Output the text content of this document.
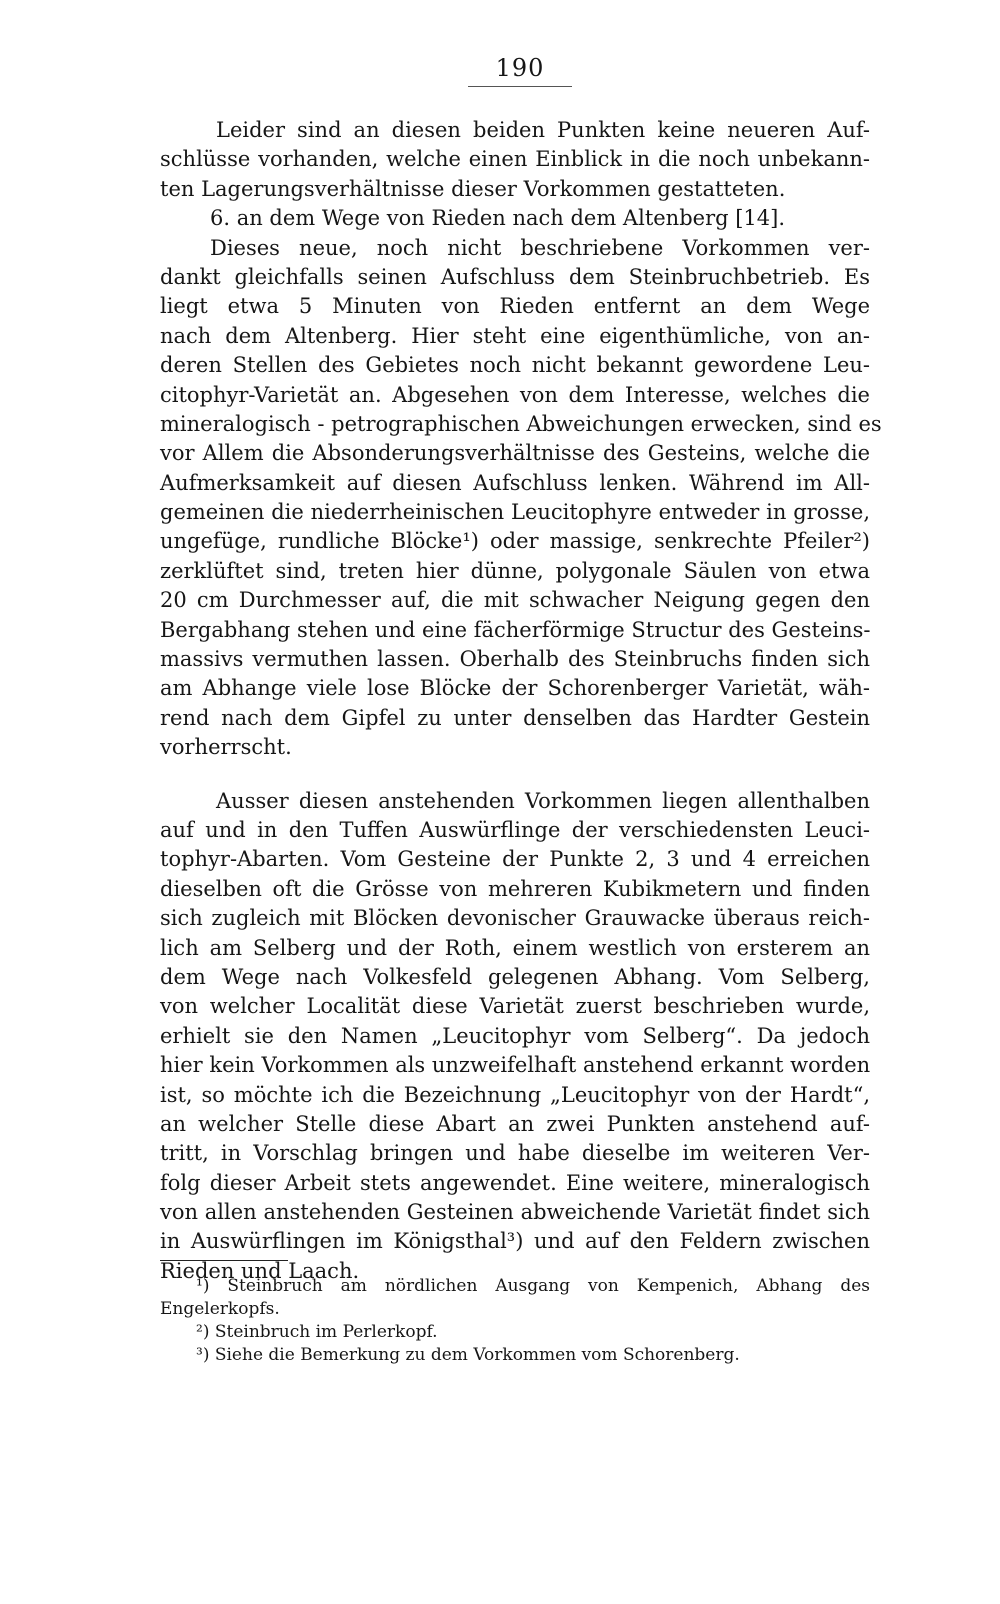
190
Leider sind an diesen beiden Punkten keine neueren Auf-
schlüsse vorhanden, welche einen Einblick in die noch unbekann-
ten Lagerungsverhältnisse dieser Vorkommen gestatteten.
6. an dem Wege von Rieden nach dem Altenberg [14].
Dieses neue, noch nicht beschriebene Vorkommen ver-
dankt gleichfalls seinen Aufschluss dem Steinbruchbetrieb. Es
liegt etwa 5 Minuten von Rieden entfernt an dem Wege
nach dem Altenberg. Hier steht eine eigenthümliche, von an-
deren Stellen des Gebietes noch nicht bekannt gewordene Leu-
citophyr-Varietät an. Abgesehen von dem Interesse, welches die
mineralogisch - petrographischen Abweichungen erwecken, sind es
vor Allem die Absonderungsverhältnisse des Gesteins, welche die
Aufmerksamkeit auf diesen Aufschluss lenken. Während im All-
gemeinen die niederrheinischen Leucitophyre entweder in grosse,
ungefüge, rundliche Blöcke¹) oder massige, senkrechte Pfeiler²)
zerklüftet sind, treten hier dünne, polygonale Säulen von etwa
20 cm Durchmesser auf, die mit schwacher Neigung gegen den
Bergabhang stehen und eine fächerförmige Structur des Gesteins-
massivs vermuthen lassen. Oberhalb des Steinbruchs finden sich
am Abhange viele lose Blöcke der Schorenberger Varietät, wäh-
rend nach dem Gipfel zu unter denselben das Hardter Gestein
vorherrscht.
Ausser diesen anstehenden Vorkommen liegen allenthalben
auf und in den Tuffen Auswürflinge der verschiedensten Leuci-
tophyr-Abarten. Vom Gesteine der Punkte 2, 3 und 4 erreichen
dieselben oft die Grösse von mehreren Kubikmetern und finden
sich zugleich mit Blöcken devonischer Grauwacke überaus reich-
lich am Selberg und der Roth, einem westlich von ersterem an
dem Wege nach Volkesfeld gelegenen Abhang. Vom Selberg,
von welcher Localität diese Varietät zuerst beschrieben wurde,
erhielt sie den Namen „Leucitophyr vom Selberg“. Da jedoch
hier kein Vorkommen als unzweifelhaft anstehend erkannt worden
ist, so möchte ich die Bezeichnung „Leucitophyr von der Hardt“,
an welcher Stelle diese Abart an zwei Punkten anstehend auf-
tritt, in Vorschlag bringen und habe dieselbe im weiteren Ver-
folg dieser Arbeit stets angewendet. Eine weitere, mineralogisch
von allen anstehenden Gesteinen abweichende Varietät findet sich
in Auswürflingen im Königsthal³) und auf den Feldern zwischen
Rieden und Laach.
¹) Steinbruch am nördlichen Ausgang von Kempenich, Abhang des
Engelerkopfs.
²) Steinbruch im Perlerkopf.
³) Siehe die Bemerkung zu dem Vorkommen vom Schorenberg.
